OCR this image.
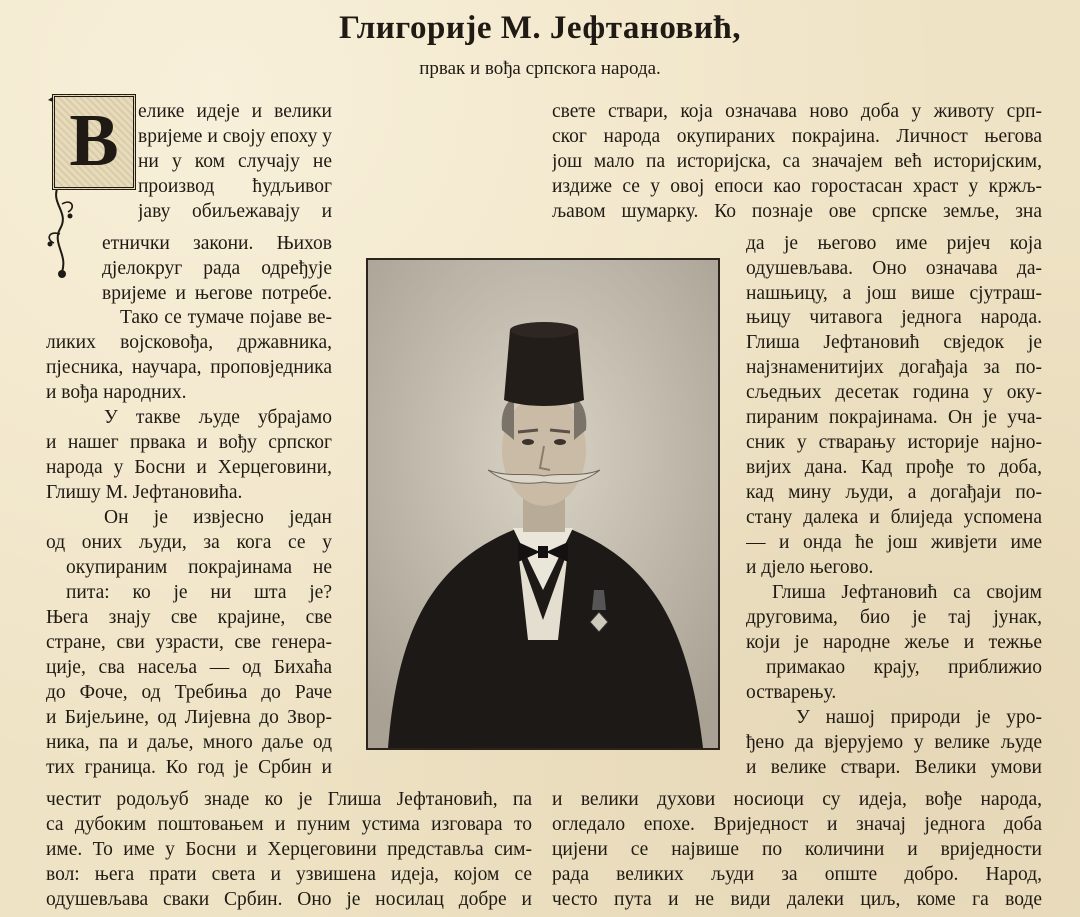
Глигорије М. Јефтановић,

првак и вођа српскога народа.

В елике идеје и велики
вријеме и своју епоху у
ни у ком случају не
производ ћудљивог
јаву обиљежавају и
етнички закони. Њихов
дјелокруг рада одређује
вријеме и његове потребе.
Тако се тумаче појаве ве-
ликих војсковођа, државника,
пјесника, научара, проповједника
и вођа народних.
У такве људе убрајамо
и нашег првака и вођу српског
народа у Босни и Херцеговини,
Глишу М. Јефтановића.
Он је извјесно један
од оних људи, за кога се у
окупираним покрајинама не
пита: ко је ни шта је?
Њега знају све крајине, све
стране, сви узрасти, све генера-
ције, сва насеља — од Бихаћа
до Фоче, од Требиња до Раче
и Бијељине, од Лијевна до Звор-
ника, па и даље, много даље од
тих граница. Ко год је Србин и
честит родољуб знаде ко је Глиша Јефтановић, па
са дубоким поштовањем и пуним устима изговара то
име. То име у Босни и Херцеговини представља сим-
вол: њега прати света и узвишена идеја, којом се
одушевљава сваки Србин. Оно је носилац добре и
свете ствари, која означава ново доба у животу срп-
ског народа окупираних покрајина. Личност његова
још мало па историјска, са значајем већ историјским,
издиже се у овој епоси као горостасан храст у кржљ-
љавом шумарку. Ко познаје ове српске земље, зна
да је његово име ријеч која
одушевљава. Оно означава да-
нашњицу, а још више сјутраш-
њицу читавога једнога народа.
Глиша Јефтановић свједок је
најзнаменитијих догађаја за по-
сљедњих десетак година у оку-
пираним покрајинама. Он је уча-
сник у стварању историје најно-
вијих дана. Кад прође то доба,
кад мину људи, а догађаји по-
стану далека и блиједа успомена
— и онда ће још живјети име
и дјело његово.
Глиша Јефтановић са својим
друговима, био је тај јунак,
који је народне жеље и тежње
примакао крају, приближио
остварењу.
У нашој природи је уро-
ђено да вјерујемо у велике људе
и велике ствари. Велики умови
и велики духови носиоци су идеја, вође народа,
огледало епохе. Вриједност и значај једнога доба
цијени се највише по количини и вриједности
рада великих људи за опште добро. Народ,
често пута и не види далеки циљ, коме га воде
